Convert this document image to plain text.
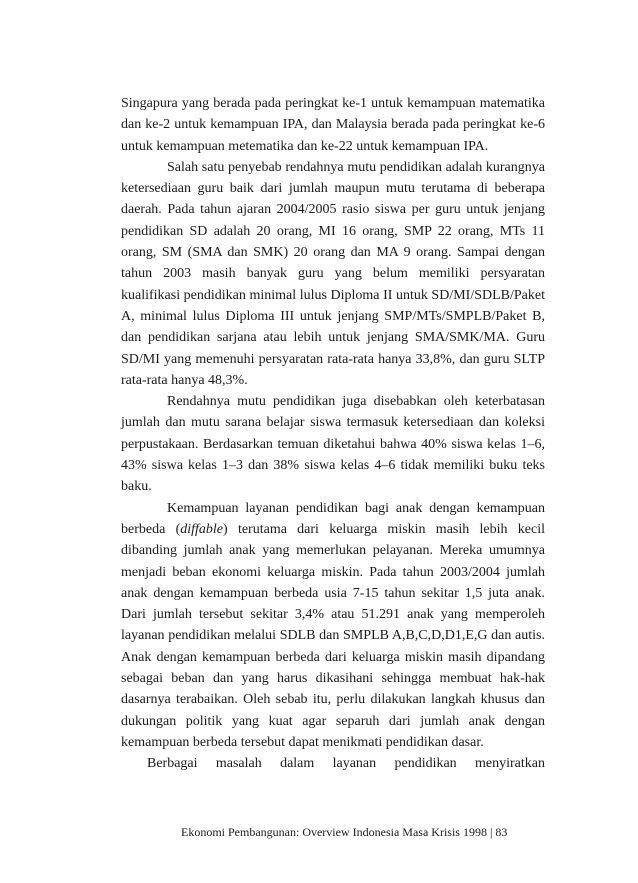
Singapura yang berada pada peringkat ke-1 untuk kemampuan matematika dan ke-2 untuk kemampuan IPA, dan Malaysia berada pada peringkat ke-6 untuk kemampuan metematika dan ke-22 untuk kemampuan IPA.

Salah satu penyebab rendahnya mutu pendidikan adalah kurangnya ketersediaan guru baik dari jumlah maupun mutu terutama di beberapa daerah. Pada tahun ajaran 2004/2005 rasio siswa per guru untuk jenjang pendidikan SD adalah 20 orang, MI 16 orang, SMP 22 orang, MTs 11 orang, SM (SMA dan SMK) 20 orang dan MA 9 orang. Sampai dengan tahun 2003 masih banyak guru yang belum memiliki persyaratan kualifikasi pendidikan minimal lulus Diploma II untuk SD/MI/SDLB/Paket A, minimal lulus Diploma III untuk jenjang SMP/MTs/SMPLB/Paket B, dan pendidikan sarjana atau lebih untuk jenjang SMA/SMK/MA. Guru SD/MI yang memenuhi persyaratan rata-rata hanya 33,8%, dan guru SLTP rata-rata hanya 48,3%.

Rendahnya mutu pendidikan juga disebabkan oleh keterbatasan jumlah dan mutu sarana belajar siswa termasuk ketersediaan dan koleksi perpustakaan. Berdasarkan temuan diketahui bahwa 40% siswa kelas 1–6, 43% siswa kelas 1–3 dan 38% siswa kelas 4–6 tidak memiliki buku teks baku.

Kemampuan layanan pendidikan bagi anak dengan kemampuan berbeda (diffable) terutama dari keluarga miskin masih lebih kecil dibanding jumlah anak yang memerlukan pelayanan. Mereka umumnya menjadi beban ekonomi keluarga miskin. Pada tahun 2003/2004 jumlah anak dengan kemampuan berbeda usia 7-15 tahun sekitar 1,5 juta anak. Dari jumlah tersebut sekitar 3,4% atau 51.291 anak yang memperoleh layanan pendidikan melalui SDLB dan SMPLB A,B,C,D,D1,E,G dan autis. Anak dengan kemampuan berbeda dari keluarga miskin masih dipandang sebagai beban dan yang harus dikasihani sehingga membuat hak-hak dasarnya terabaikan. Oleh sebab itu, perlu dilakukan langkah khusus dan dukungan politik yang kuat agar separuh dari jumlah anak dengan kemampuan berbeda tersebut dapat menikmati pendidikan dasar.

Berbagai masalah dalam layanan pendidikan menyiratkan

Ekonomi Pembangunan: Overview Indonesia Masa Krisis 1998 | 83
